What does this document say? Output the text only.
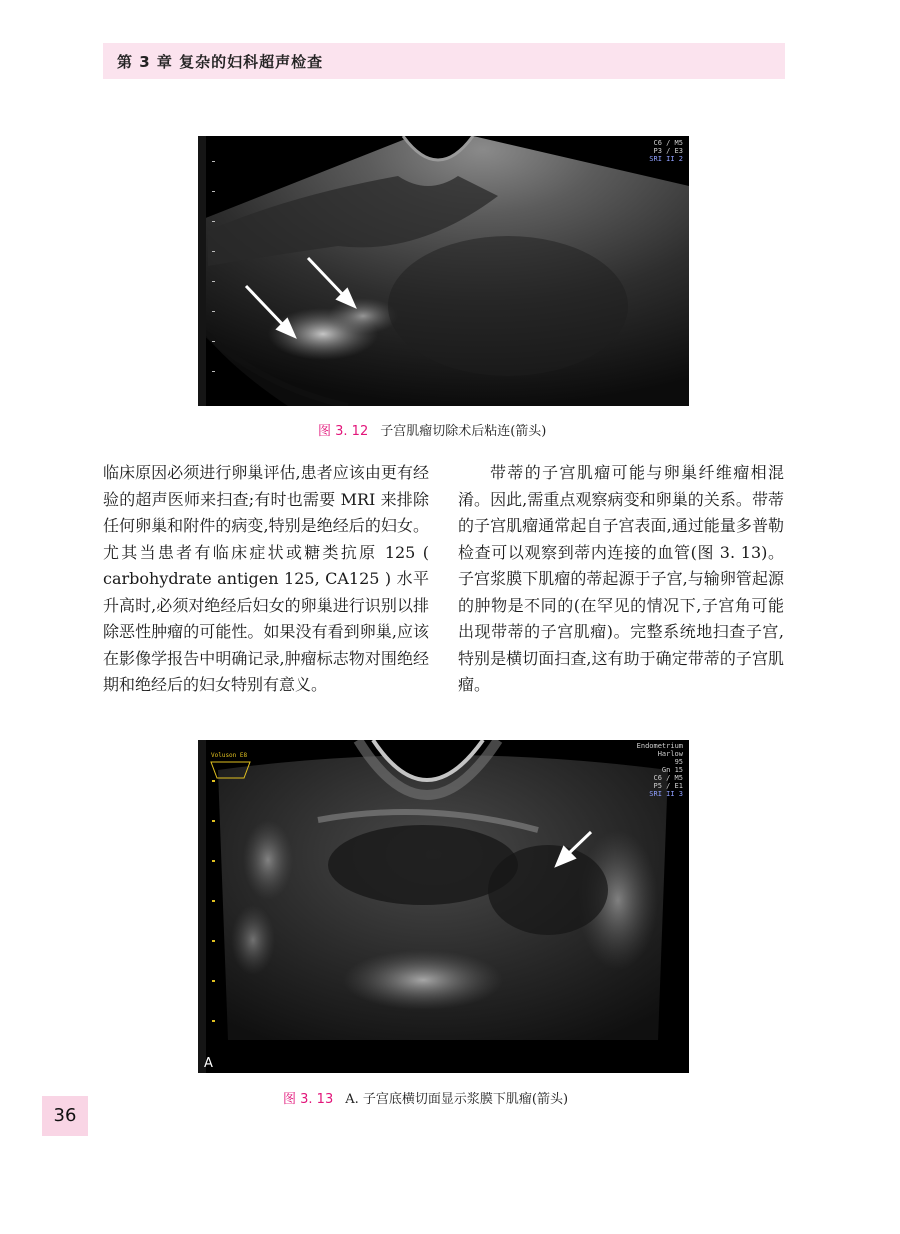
第 3 章 复杂的妇科超声检查
C6 / M5
P3 / E3
SRI II 2
图 3. 12 子宫肌瘤切除术后粘连(箭头)

临床原因必须进行卵巢评估,患者应该由更有经验的超声医师来扫查;有时也需要 MRI 来排除任何卵巢和附件的病变,特别是绝经后的妇女。尤其当患者有临床症状或糖类抗原 125 ( carbohydrate antigen 125, CA125 ) 水平升高时,必须对绝经后妇女的卵巢进行识别以排除恶性肿瘤的可能性。如果没有看到卵巢,应该在影像学报告中明确记录,肿瘤标志物对围绝经期和绝经后的妇女特别有意义。

带蒂的子宫肌瘤可能与卵巢纤维瘤相混淆。因此,需重点观察病变和卵巢的关系。带蒂的子宫肌瘤通常起自子宫表面,通过能量多普勒检查可以观察到蒂内连接的血管(图 3. 13)。子宫浆膜下肌瘤的蒂起源于子宫,与输卵管起源的肿物是不同的(在罕见的情况下,子宫角可能出现带蒂的子宫肌瘤)。完整系统地扫查子宫,特别是横切面扫查,这有助于确定带蒂的子宫肌瘤。

Voluson E8
Endometrium
Harlow
95
Gn 15
C6 / M5
P5 / E1
SRI II 3
A
图 3. 13 A. 子宫底横切面显示浆膜下肌瘤(箭头)
36
